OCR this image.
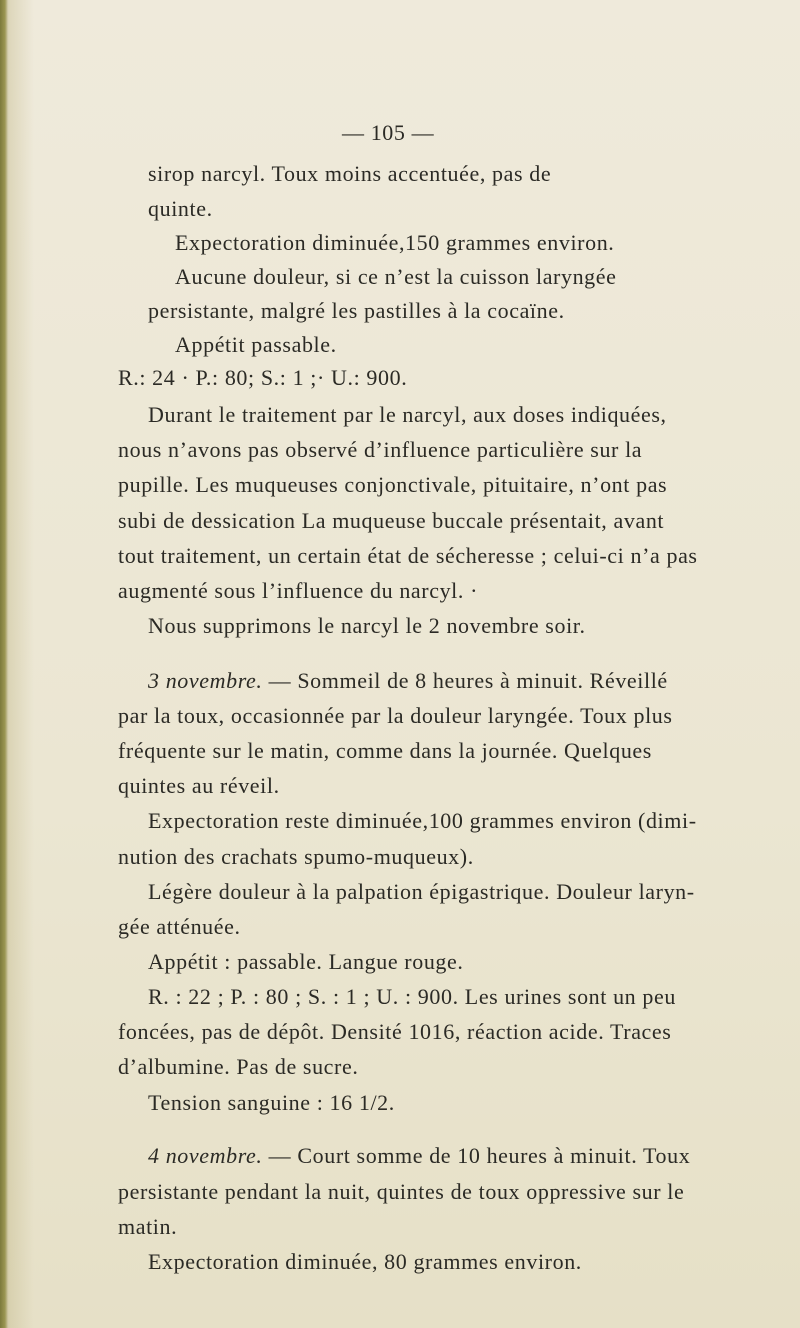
— 105 —
sirop narcyl. Toux moins accentuée, pas de
quinte.
Expectoration diminuée,150 grammes environ.
Aucune douleur, si ce n’est la cuisson laryngée
persistante, malgré les pastilles à la cocaïne.
Appétit passable.
R.: 24 · P.: 80; S.: 1 ;· U.: 900.
Durant le traitement par le narcyl, aux doses indiquées,
nous n’avons pas observé d’influence particulière sur la
pupille. Les muqueuses conjonctivale, pituitaire, n’ont pas
subi de dessication La muqueuse buccale présentait, avant
tout traitement, un certain état de sécheresse ; celui-ci n’a pas
augmenté sous l’influence du narcyl. ·
Nous supprimons le narcyl le 2 novembre soir.
3 novembre. — Sommeil de 8 heures à minuit. Réveillé
par la toux, occasionnée par la douleur laryngée. Toux plus
fréquente sur le matin, comme dans la journée. Quelques
quintes au réveil.
Expectoration reste diminuée,100 grammes environ (dimi-
nution des crachats spumo-muqueux).
Légère douleur à la palpation épigastrique. Douleur laryn-
gée atténuée.
Appétit : passable. Langue rouge.
R. : 22 ; P. : 80 ; S. : 1 ; U. : 900. Les urines sont un peu
foncées, pas de dépôt. Densité 1016, réaction acide. Traces
d’albumine. Pas de sucre.
Tension sanguine : 16 1/2.
4 novembre. — Court somme de 10 heures à minuit. Toux
persistante pendant la nuit, quintes de toux oppressive sur le
matin.
Expectoration diminuée, 80 grammes environ.
